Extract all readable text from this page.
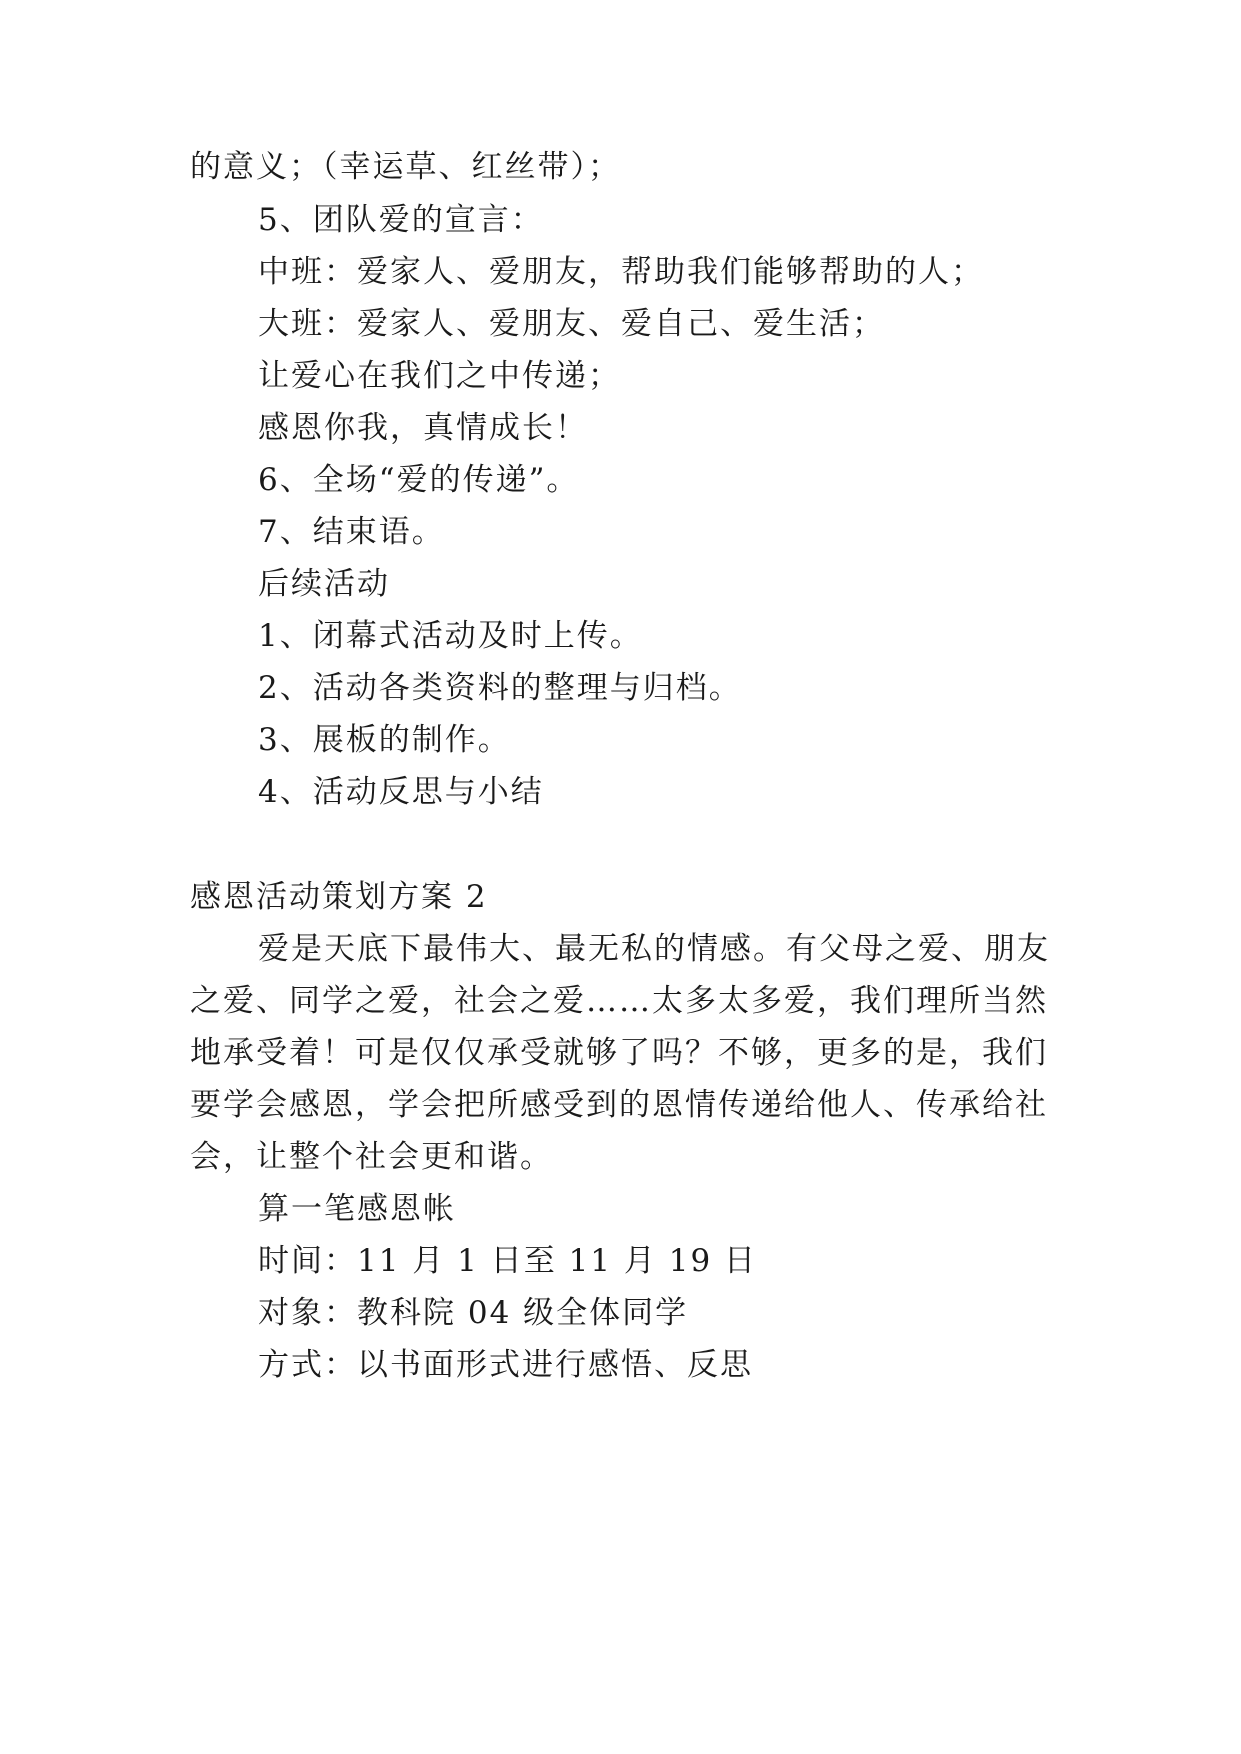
的意义；（幸运草、红丝带）；
5、团队爱的宣言：
中班：爱家人、爱朋友，帮助我们能够帮助的人；
大班：爱家人、爱朋友、爱自己、爱生活；
让爱心在我们之中传递；
感恩你我，真情成长！
6、全场“爱的传递”。
7、结束语。
后续活动
1、闭幕式活动及时上传。
2、活动各类资料的整理与归档。
3、展板的制作。
4、活动反思与小结
感恩活动策划方案 2
爱是天底下最伟大、最无私的情感。有父母之爱、朋友
之爱、同学之爱，社会之爱……太多太多爱，我们理所当然
地承受着！可是仅仅承受就够了吗？不够，更多的是，我们
要学会感恩，学会把所感受到的恩情传递给他人、传承给社
会，让整个社会更和谐。
算一笔感恩帐
时间：11 月 1 日至 11 月 19 日
对象：教科院 04 级全体同学
方式：以书面形式进行感悟、反思
